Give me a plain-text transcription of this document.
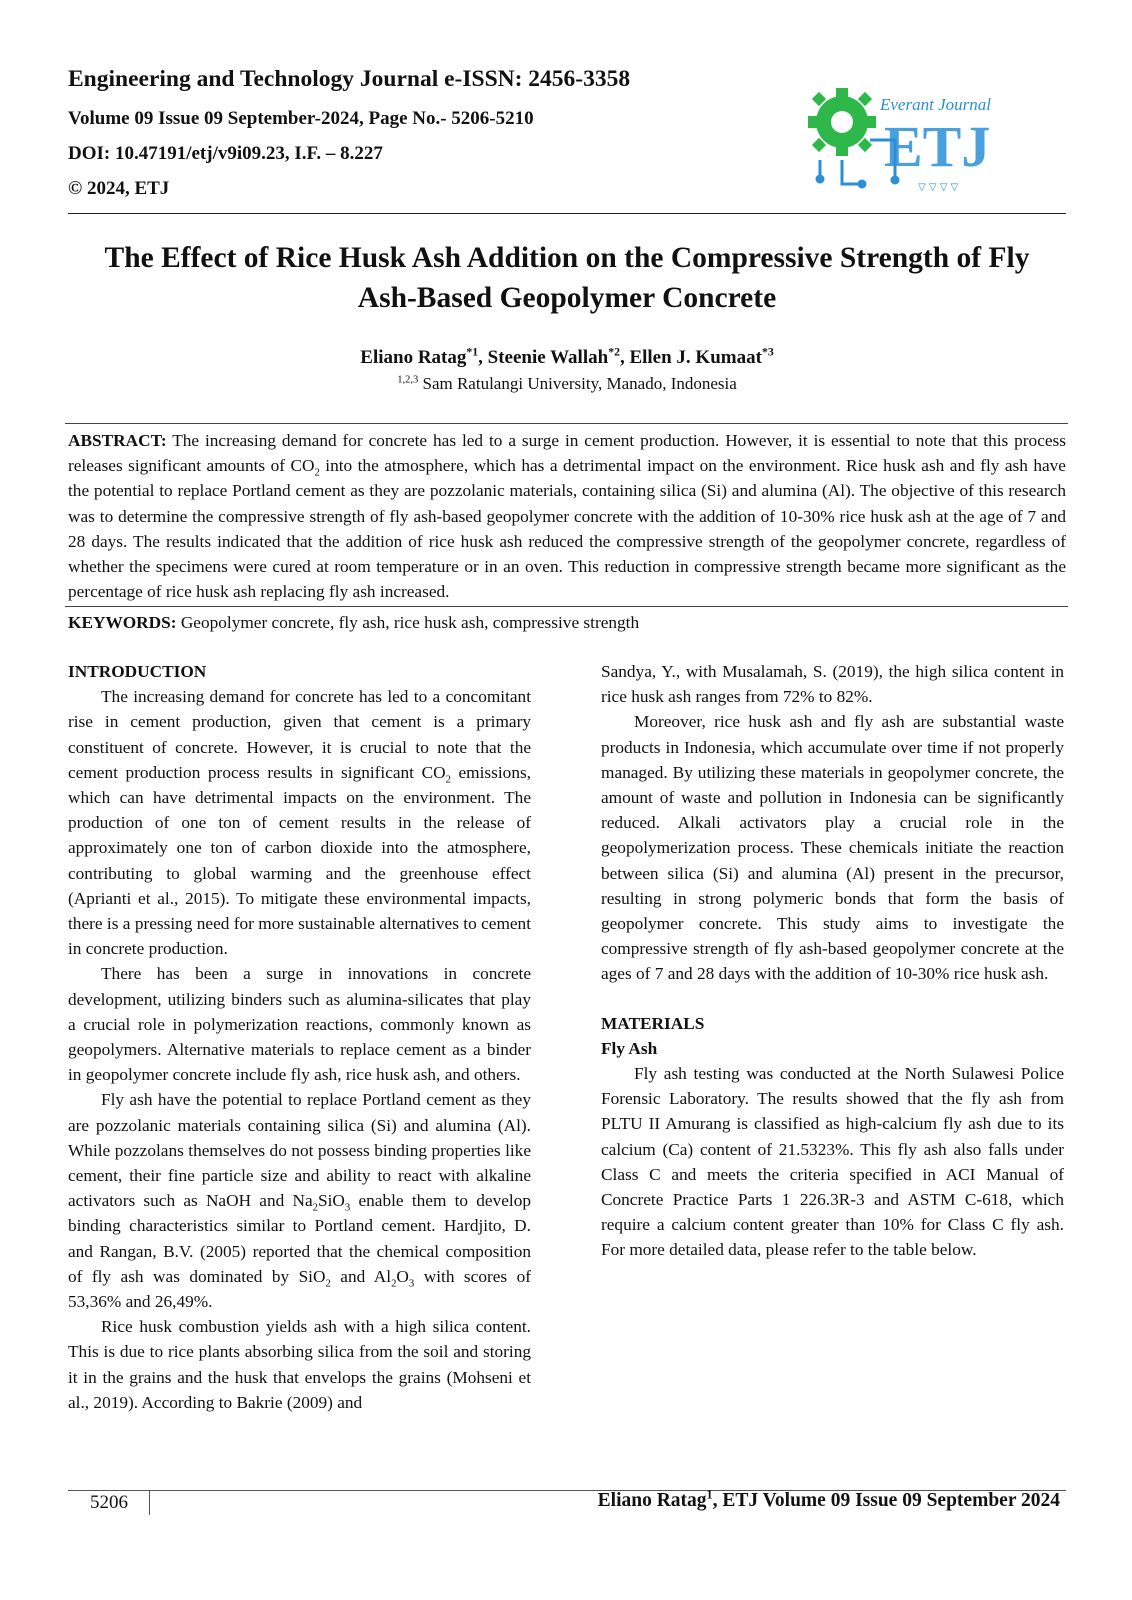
Engineering and Technology Journal e-ISSN: 2456-3358
Volume 09 Issue 09 September-2024, Page No.- 5206-5210
DOI: 10.47191/etj/v9i09.23, I.F. – 8.227
© 2024, ETJ
Everant Journal
ETJ
▽ ▽ ▽ ▽
The Effect of Rice Husk Ash Addition on the Compressive Strength of Fly
Ash-Based Geopolymer Concrete
Eliano Ratag$^{*1}$, Steenie Wallah$^{*2}$, Ellen J. Kumaat$^{*3}$
$^{1,2,3}$ Sam Ratulangi University, Manado, Indonesia
ABSTRACT: The increasing demand for concrete has led to a surge in cement production. However, it is essential to note that this process releases significant amounts of $CO_2$ into the atmosphere, which has a detrimental impact on the environment. Rice husk ash and fly ash have the potential to replace Portland cement as they are pozzolanic materials, containing silica (Si) and alumina (Al). The objective of this research was to determine the compressive strength of fly ash-based geopolymer concrete with the addition of 10-30% rice husk ash at the age of 7 and 28 days. The results indicated that the addition of rice husk ash reduced the compressive strength of the geopolymer concrete, regardless of whether the specimens were cured at room temperature or in an oven. This reduction in compressive strength became more significant as the percentage of rice husk ash replacing fly ash increased.
KEYWORDS: Geopolymer concrete, fly ash, rice husk ash, compressive strength

INTRODUCTION

The increasing demand for concrete has led to a concomitant rise in cement production, given that cement is a primary constituent of concrete. However, it is crucial to note that the cement production process results in significant $CO_2$ emissions, which can have detrimental impacts on the environment. The production of one ton of cement results in the release of approximately one ton of carbon dioxide into the atmosphere, contributing to global warming and the greenhouse effect (Aprianti et al., 2015). To mitigate these environmental impacts, there is a pressing need for more sustainable alternatives to cement in concrete production.

There has been a surge in innovations in concrete development, utilizing binders such as alumina-silicates that play a crucial role in polymerization reactions, commonly known as geopolymers. Alternative materials to replace cement as a binder in geopolymer concrete include fly ash, rice husk ash, and others.

Fly ash have the potential to replace Portland cement as they are pozzolanic materials containing silica (Si) and alumina (Al). While pozzolans themselves do not possess binding properties like cement, their fine particle size and ability to react with alkaline activators such as NaOH and $Na_2SiO_3$ enable them to develop binding characteristics similar to Portland cement. Hardjito, D. and Rangan, B.V. (2005) reported that the chemical composition of fly ash was dominated by SiO$_2$ and $Al_2O_3$ with scores of 53,36% and 26,49%.

Rice husk combustion yields ash with a high silica content. This is due to rice plants absorbing silica from the soil and storing it in the grains and the husk that envelops the grains (Mohseni et al., 2019). According to Bakrie (2009) and

Sandya, Y., with Musalamah, S. (2019), the high silica content in rice husk ash ranges from 72% to 82%.

Moreover, rice husk ash and fly ash are substantial waste products in Indonesia, which accumulate over time if not properly managed. By utilizing these materials in geopolymer concrete, the amount of waste and pollution in Indonesia can be significantly reduced. Alkali activators play a crucial role in the geopolymerization process. These chemicals initiate the reaction between silica (Si) and alumina (Al) present in the precursor, resulting in strong polymeric bonds that form the basis of geopolymer concrete. This study aims to investigate the compressive strength of fly ash-based geopolymer concrete at the ages of 7 and 28 days with the addition of 10-30% rice husk ash.

MATERIALS

Fly Ash

Fly ash testing was conducted at the North Sulawesi Police Forensic Laboratory. The results showed that the fly ash from PLTU II Amurang is classified as high-calcium fly ash due to its calcium (Ca) content of 21.5323%. This fly ash also falls under Class C and meets the criteria specified in ACI Manual of Concrete Practice Parts 1 226.3R-3 and ASTM C-618, which require a calcium content greater than 10% for Class C fly ash. For more detailed data, please refer to the table below.

5206	Eliano Ratag$^1$, ETJ Volume 09 Issue 09 September 2024
